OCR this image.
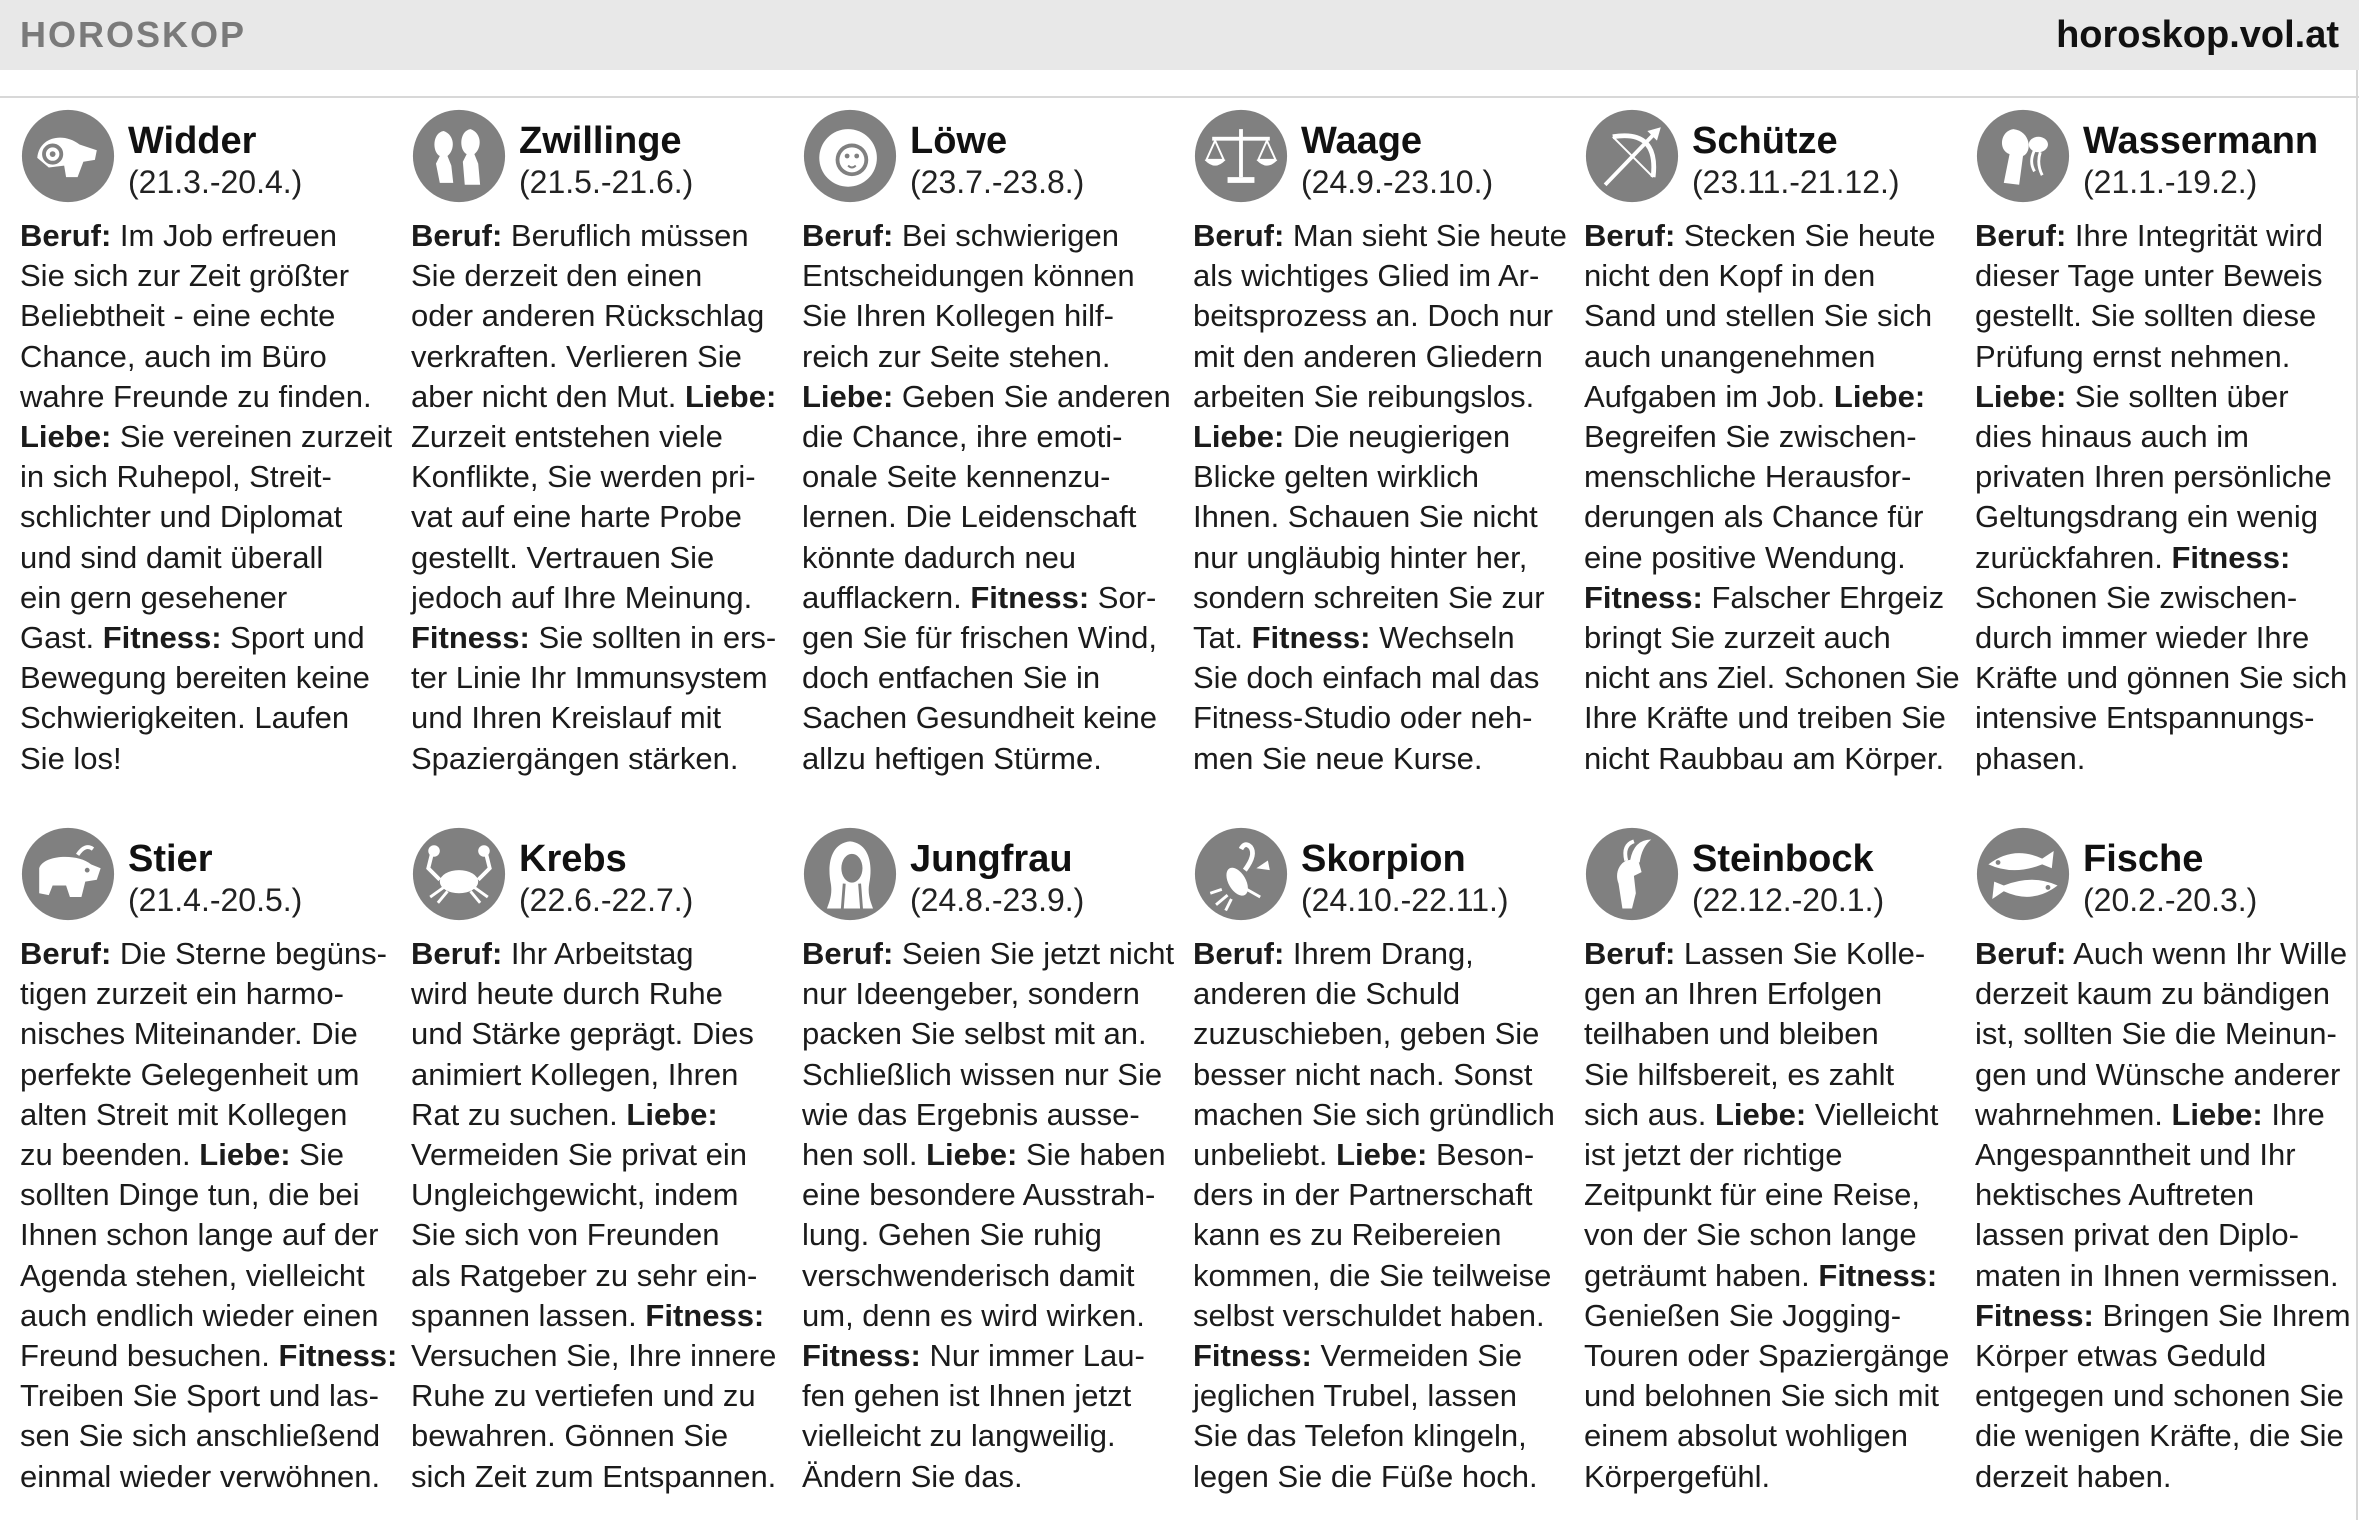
HOROSKOP	horoskop.vol.at
Widder
(21.3.-20.4.)
Beruf: Im Job erfreuen
Sie sich zur Zeit größter
Beliebtheit - eine echte
Chance, auch im Büro
wahre Freunde zu finden.
Liebe: Sie vereinen zurzeit
in sich Ruhepol, Streit-
schlichter und Diplomat
und sind damit überall
ein gern gesehener
Gast. Fitness: Sport und
Bewegung bereiten keine
Schwierigkeiten. Laufen
Sie los!
Zwillinge
(21.5.-21.6.)
Beruf: Beruflich müssen
Sie derzeit den einen
oder anderen Rückschlag
verkraften. Verlieren Sie
aber nicht den Mut. Liebe:
Zurzeit entstehen viele
Konflikte, Sie werden pri-
vat auf eine harte Probe
gestellt. Vertrauen Sie
jedoch auf Ihre Meinung.
Fitness: Sie sollten in ers-
ter Linie Ihr Immunsystem
und Ihren Kreislauf mit
Spaziergängen stärken.
Löwe
(23.7.-23.8.)
Beruf: Bei schwierigen
Entscheidungen können
Sie Ihren Kollegen hilf-
reich zur Seite stehen.
Liebe: Geben Sie anderen
die Chance, ihre emoti-
onale Seite kennenzu-
lernen. Die Leidenschaft
könnte dadurch neu
aufflackern. Fitness: Sor-
gen Sie für frischen Wind,
doch entfachen Sie in
Sachen Gesundheit keine
allzu heftigen Stürme.
Waage
(24.9.-23.10.)
Beruf: Man sieht Sie heute
als wichtiges Glied im Ar-
beitsprozess an. Doch nur
mit den anderen Gliedern
arbeiten Sie reibungslos.
Liebe: Die neugierigen
Blicke gelten wirklich
Ihnen. Schauen Sie nicht
nur ungläubig hinter her,
sondern schreiten Sie zur
Tat. Fitness: Wechseln
Sie doch einfach mal das
Fitness-Studio oder neh-
men Sie neue Kurse.
Schütze
(23.11.-21.12.)
Beruf: Stecken Sie heute
nicht den Kopf in den
Sand und stellen Sie sich
auch unangenehmen
Aufgaben im Job. Liebe:
Begreifen Sie zwischen-
menschliche Herausfor-
derungen als Chance für
eine positive Wendung.
Fitness: Falscher Ehrgeiz
bringt Sie zurzeit auch
nicht ans Ziel. Schonen Sie
Ihre Kräfte und treiben Sie
nicht Raubbau am Körper.
Wassermann
(21.1.-19.2.)
Beruf: Ihre Integrität wird
dieser Tage unter Beweis
gestellt. Sie sollten diese
Prüfung ernst nehmen.
Liebe: Sie sollten über
dies hinaus auch im
privaten Ihren persönliche
Geltungsdrang ein wenig
zurückfahren. Fitness:
Schonen Sie zwischen-
durch immer wieder Ihre
Kräfte und gönnen Sie sich
intensive Entspannungs-
phasen.
Stier
(21.4.-20.5.)
Beruf: Die Sterne begüns-
tigen zurzeit ein harmo-
nisches Miteinander. Die
perfekte Gelegenheit um
alten Streit mit Kollegen
zu beenden. Liebe: Sie
sollten Dinge tun, die bei
Ihnen schon lange auf der
Agenda stehen, vielleicht
auch endlich wieder einen
Freund besuchen. Fitness:
Treiben Sie Sport und las-
sen Sie sich anschließend
einmal wieder verwöhnen.
Krebs
(22.6.-22.7.)
Beruf: Ihr Arbeitstag
wird heute durch Ruhe
und Stärke geprägt. Dies
animiert Kollegen, Ihren
Rat zu suchen. Liebe:
Vermeiden Sie privat ein
Ungleichgewicht, indem
Sie sich von Freunden
als Ratgeber zu sehr ein-
spannen lassen. Fitness:
Versuchen Sie, Ihre innere
Ruhe zu vertiefen und zu
bewahren. Gönnen Sie
sich Zeit zum Entspannen.
Jungfrau
(24.8.-23.9.)
Beruf: Seien Sie jetzt nicht
nur Ideengeber, sondern
packen Sie selbst mit an.
Schließlich wissen nur Sie
wie das Ergebnis ausse-
hen soll. Liebe: Sie haben
eine besondere Ausstrah-
lung. Gehen Sie ruhig
verschwenderisch damit
um, denn es wird wirken.
Fitness: Nur immer Lau-
fen gehen ist Ihnen jetzt
vielleicht zu langweilig.
Ändern Sie das.
Skorpion
(24.10.-22.11.)
Beruf: Ihrem Drang,
anderen die Schuld
zuzuschieben, geben Sie
besser nicht nach. Sonst
machen Sie sich gründlich
unbeliebt. Liebe: Beson-
ders in der Partnerschaft
kann es zu Reibereien
kommen, die Sie teilweise
selbst verschuldet haben.
Fitness: Vermeiden Sie
jeglichen Trubel, lassen
Sie das Telefon klingeln,
legen Sie die Füße hoch.
Steinbock
(22.12.-20.1.)
Beruf: Lassen Sie Kolle-
gen an Ihren Erfolgen
teilhaben und bleiben
Sie hilfsbereit, es zahlt
sich aus. Liebe: Vielleicht
ist jetzt der richtige
Zeitpunkt für eine Reise,
von der Sie schon lange
geträumt haben. Fitness:
Genießen Sie Jogging-
Touren oder Spaziergänge
und belohnen Sie sich mit
einem absolut wohligen
Körpergefühl.
Fische
(20.2.-20.3.)
Beruf: Auch wenn Ihr Wille
derzeit kaum zu bändigen
ist, sollten Sie die Meinun-
gen und Wünsche anderer
wahrnehmen. Liebe: Ihre
Angespanntheit und Ihr
hektisches Auftreten
lassen privat den Diplo-
maten in Ihnen vermissen.
Fitness: Bringen Sie Ihrem
Körper etwas Geduld
entgegen und schonen Sie
die wenigen Kräfte, die Sie
derzeit haben.
